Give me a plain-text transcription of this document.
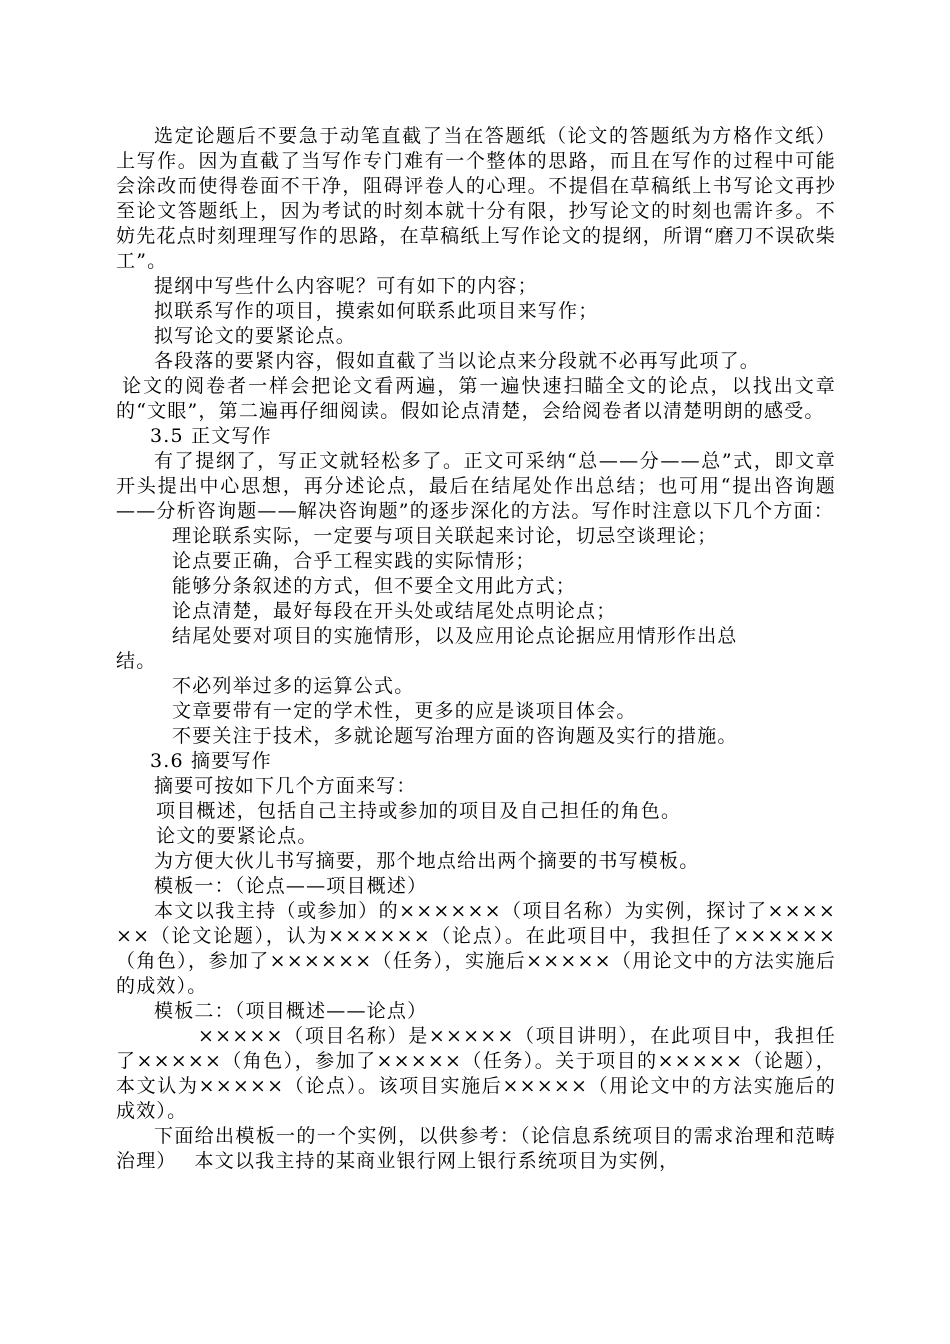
选定论题后不要急于动笔直截了当在答题纸（论文的答题纸为方格作文纸）上写作。因为直截了当写作专门难有一个整体的思路，而且在写作的过程中可能会涂改而使得卷面不干净，阻碍评卷人的心理。不提倡在草稿纸上书写论文再抄至论文答题纸上，因为考试的时刻本就十分有限，抄写论文的时刻也需许多。不妨先花点时刻理理写作的思路，在草稿纸上写作论文的提纲，所谓“磨刀不误砍柴工”。

提纲中写些什么内容呢？可有如下的内容；

拟联系写作的项目，摸索如何联系此项目来写作；

拟写论文的要紧论点。

各段落的要紧内容，假如直截了当以论点来分段就不必再写此项了。

论文的阅卷者一样会把论文看两遍，第一遍快速扫瞄全文的论点，以找出文章的“文眼”，第二遍再仔细阅读。假如论点清楚，会给阅卷者以清楚明朗的感受。

3.5 正文写作

有了提纲了，写正文就轻松多了。正文可采纳“总——分——总”式，即文章开头提出中心思想，再分述论点，最后在结尾处作出总结；也可用“提出咨询题——分析咨询题——解决咨询题”的逐步深化的方法。写作时注意以下几个方面：

理论联系实际，一定要与项目关联起来讨论，切忌空谈理论；

论点要正确，合乎工程实践的实际情形；

能够分条叙述的方式，但不要全文用此方式；

论点清楚，最好每段在开头处或结尾处点明论点；

结尾处要对项目的实施情形，以及应用论点论据应用情形作出总

结。

不必列举过多的运算公式。

文章要带有一定的学术性，更多的应是谈项目体会。

不要关注于技术，多就论题写治理方面的咨询题及实行的措施。

3.6 摘要写作

摘要可按如下几个方面来写：

项目概述，包括自己主持或参加的项目及自己担任的角色。

论文的要紧论点。

为方便大伙儿书写摘要，那个地点给出两个摘要的书写模板。

模板一：（论点——项目概述）

本文以我主持（或参加）的××××××（项目名称）为实例，探讨了××××××（论文论题），认为××××××（论点）。在此项目中，我担任了××××××（角色），参加了××××××（任务），实施后×××××（用论文中的方法实施后的成效）。

模板二：（项目概述——论点）

×××××（项目名称）是×××××（项目讲明），在此项目中，我担任了×××××（角色），参加了×××××（任务）。关于项目的×××××（论题），本文认为×××××（论点）。该项目实施后×××××（用论文中的方法实施后的成效）。

下面给出模板一的一个实例，以供参考：（论信息系统项目的需求治理和范畴治理）　 本文以我主持的某商业银行网上银行系统项目为实例，
